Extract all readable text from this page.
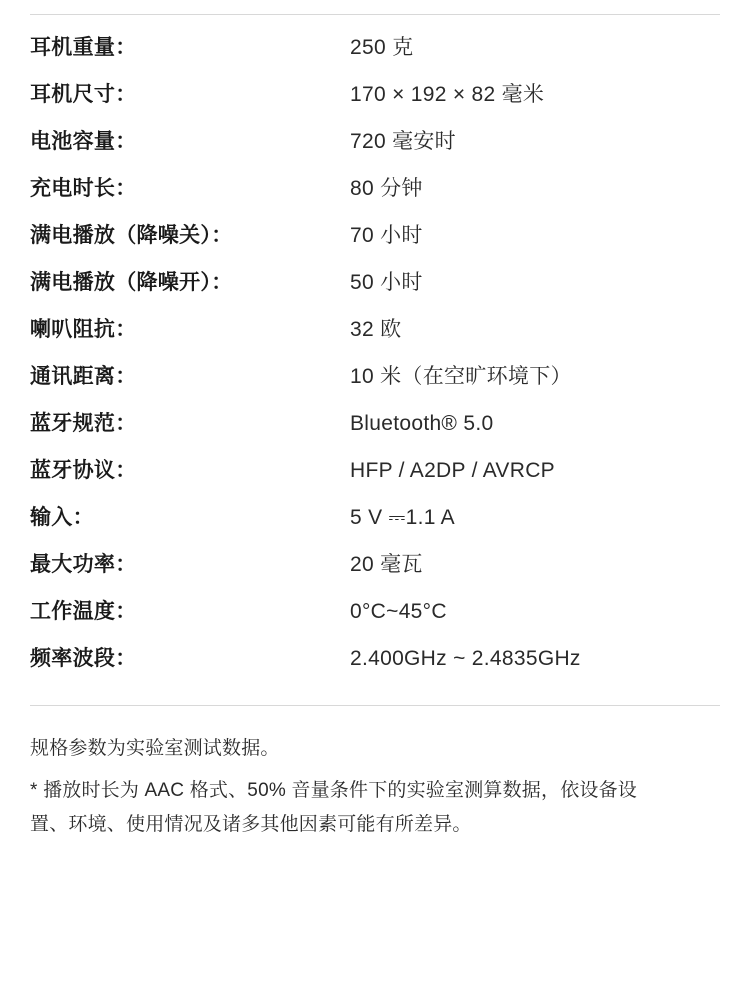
耳机重量：	250 克
耳机尺寸：	170 × 192 × 82 毫米
电池容量：	720 毫安时
充电时长：	80 分钟
满电播放（降噪关）：	70 小时
满电播放（降噪开）：	50 小时
喇叭阻抗：	32 欧
通讯距离：	10 米（在空旷环境下）
蓝牙规范：	Bluetooth® 5.0
蓝牙协议：	HFP / A2DP / AVRCP
输入：	5 V ⎓1.1 A
最大功率：	20 毫瓦
工作温度：	0°C~45°C
频率波段：	2.400GHz ~ 2.4835GHz
规格参数为实验室测试数据。
* 播放时长为 AAC 格式、50% 音量条件下的实验室测算数据，依设备设置、环境、使用情况及诸多其他因素可能有所差异。
